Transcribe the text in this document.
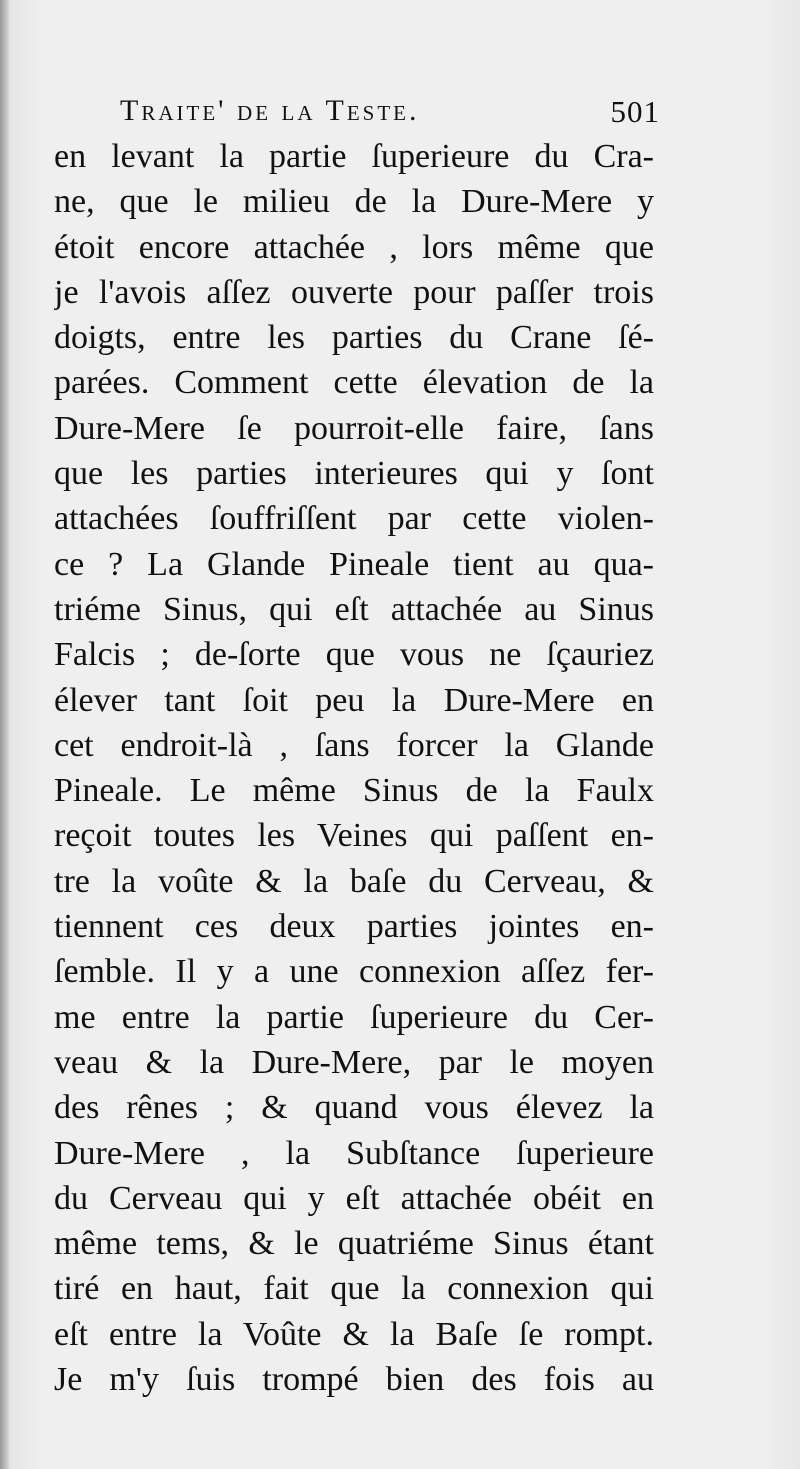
Traite' de la Teste.	501
en levant la partie ſuperieure du Cra-
ne, que le milieu de la Dure-Mere y
étoit encore attachée , lors même que
je l'avois aſſez ouverte pour paſſer trois
doigts, entre les parties du Crane ſé-
parées. Comment cette élevation de la
Dure-Mere ſe pourroit-elle faire, ſans
que les parties interieures qui y ſont
attachées ſouffriſſent par cette violen-
ce ? La Glande Pineale tient au qua-
triéme Sinus, qui eſt attachée au Sinus
Falcis ; de-ſorte que vous ne ſçauriez
élever tant ſoit peu la Dure-Mere en
cet endroit-là , ſans forcer la Glande
Pineale. Le même Sinus de la Faulx
reçoit toutes les Veines qui paſſent en-
tre la voûte & la baſe du Cerveau, &
tiennent ces deux parties jointes en-
ſemble. Il y a une connexion aſſez fer-
me entre la partie ſuperieure du Cer-
veau & la Dure-Mere, par le moyen
des rênes ; & quand vous élevez la
Dure-Mere , la Subſtance ſuperieure
du Cerveau qui y eſt attachée obéit en
même tems, & le quatriéme Sinus étant
tiré en haut, fait que la connexion qui
eſt entre la Voûte & la Baſe ſe rompt.
Je m'y ſuis trompé bien des fois au
